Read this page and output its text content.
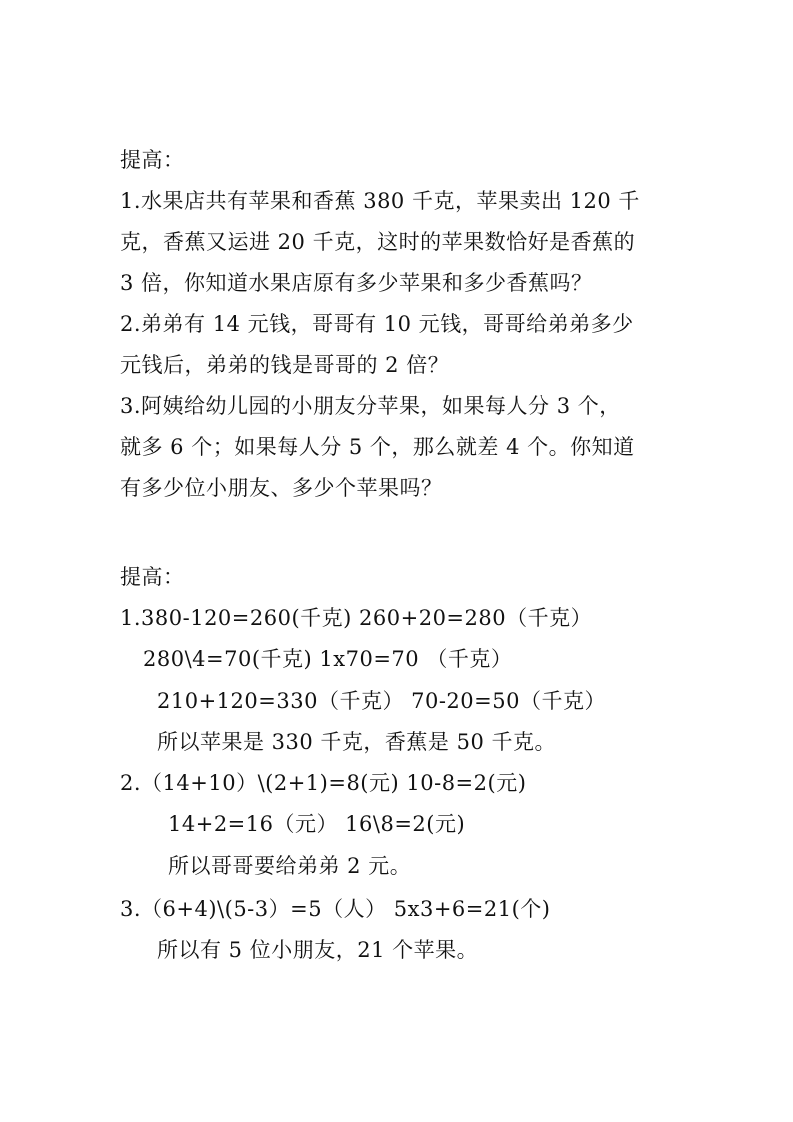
提高：
1.水果店共有苹果和香蕉 380 千克，苹果卖出 120 千
克，香蕉又运进 20 千克，这时的苹果数恰好是香蕉的
3 倍，你知道水果店原有多少苹果和多少香蕉吗？
2.弟弟有 14 元钱，哥哥有 10 元钱，哥哥给弟弟多少
元钱后，弟弟的钱是哥哥的 2 倍？
3.阿姨给幼儿园的小朋友分苹果，如果每人分 3 个，
就多 6 个；如果每人分 5 个，那么就差 4 个。你知道
有多少位小朋友、多少个苹果吗？
提高：
1.380-120=260(千克) 260+20=280（千克）
280\4=70(千克) 1x70=70 （千克）
210+120=330（千克） 70-20=50（千克）
所以苹果是 330 千克，香蕉是 50 千克。
2.（14+10）\(2+1)=8(元) 10-8=2(元)
14+2=16（元） 16\8=2(元)
所以哥哥要给弟弟 2 元。
3.（6+4)\(5-3）=5（人） 5x3+6=21(个)
所以有 5 位小朋友，21 个苹果。
